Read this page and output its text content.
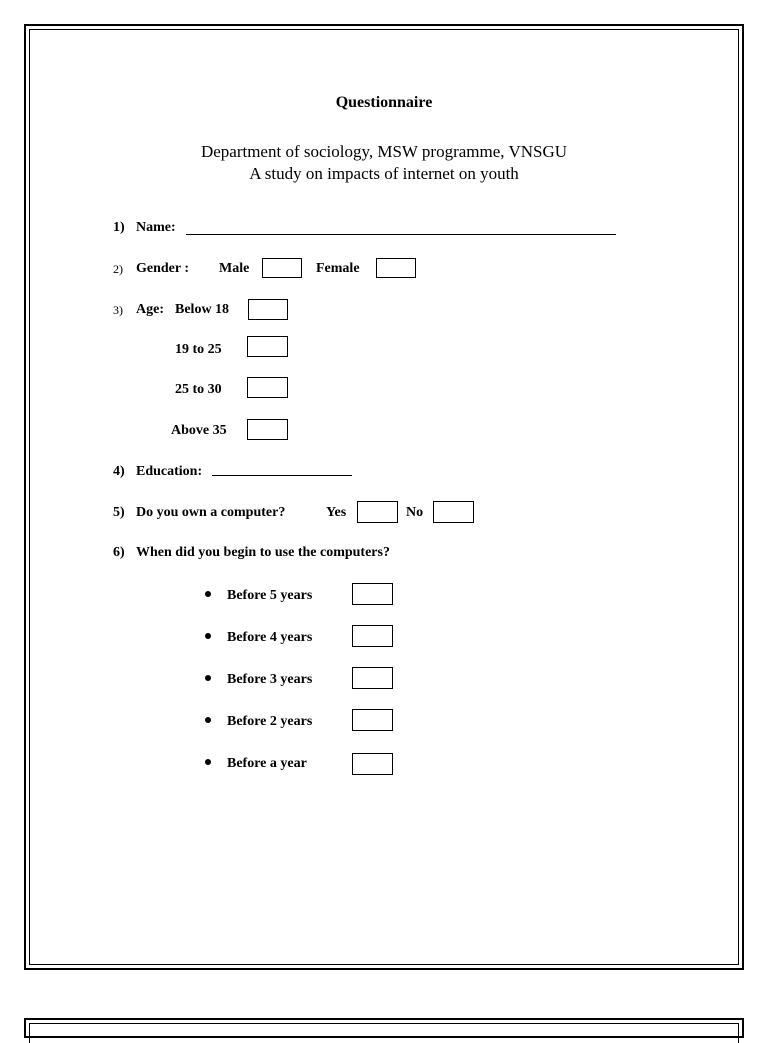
Questionnaire
Department of sociology, MSW programme, VNSGU
A study on impacts of internet on youth
1) Name:
2) Gender : Male	Female
3) Age: Below 18
19 to 25
25 to 30
Above 35
4) Education:
5) Do you own a computer?	Yes	No
6) When did you begin to use the computers?
Before 5 years
Before 4 years
Before 3 years
Before 2 years
Before a year
